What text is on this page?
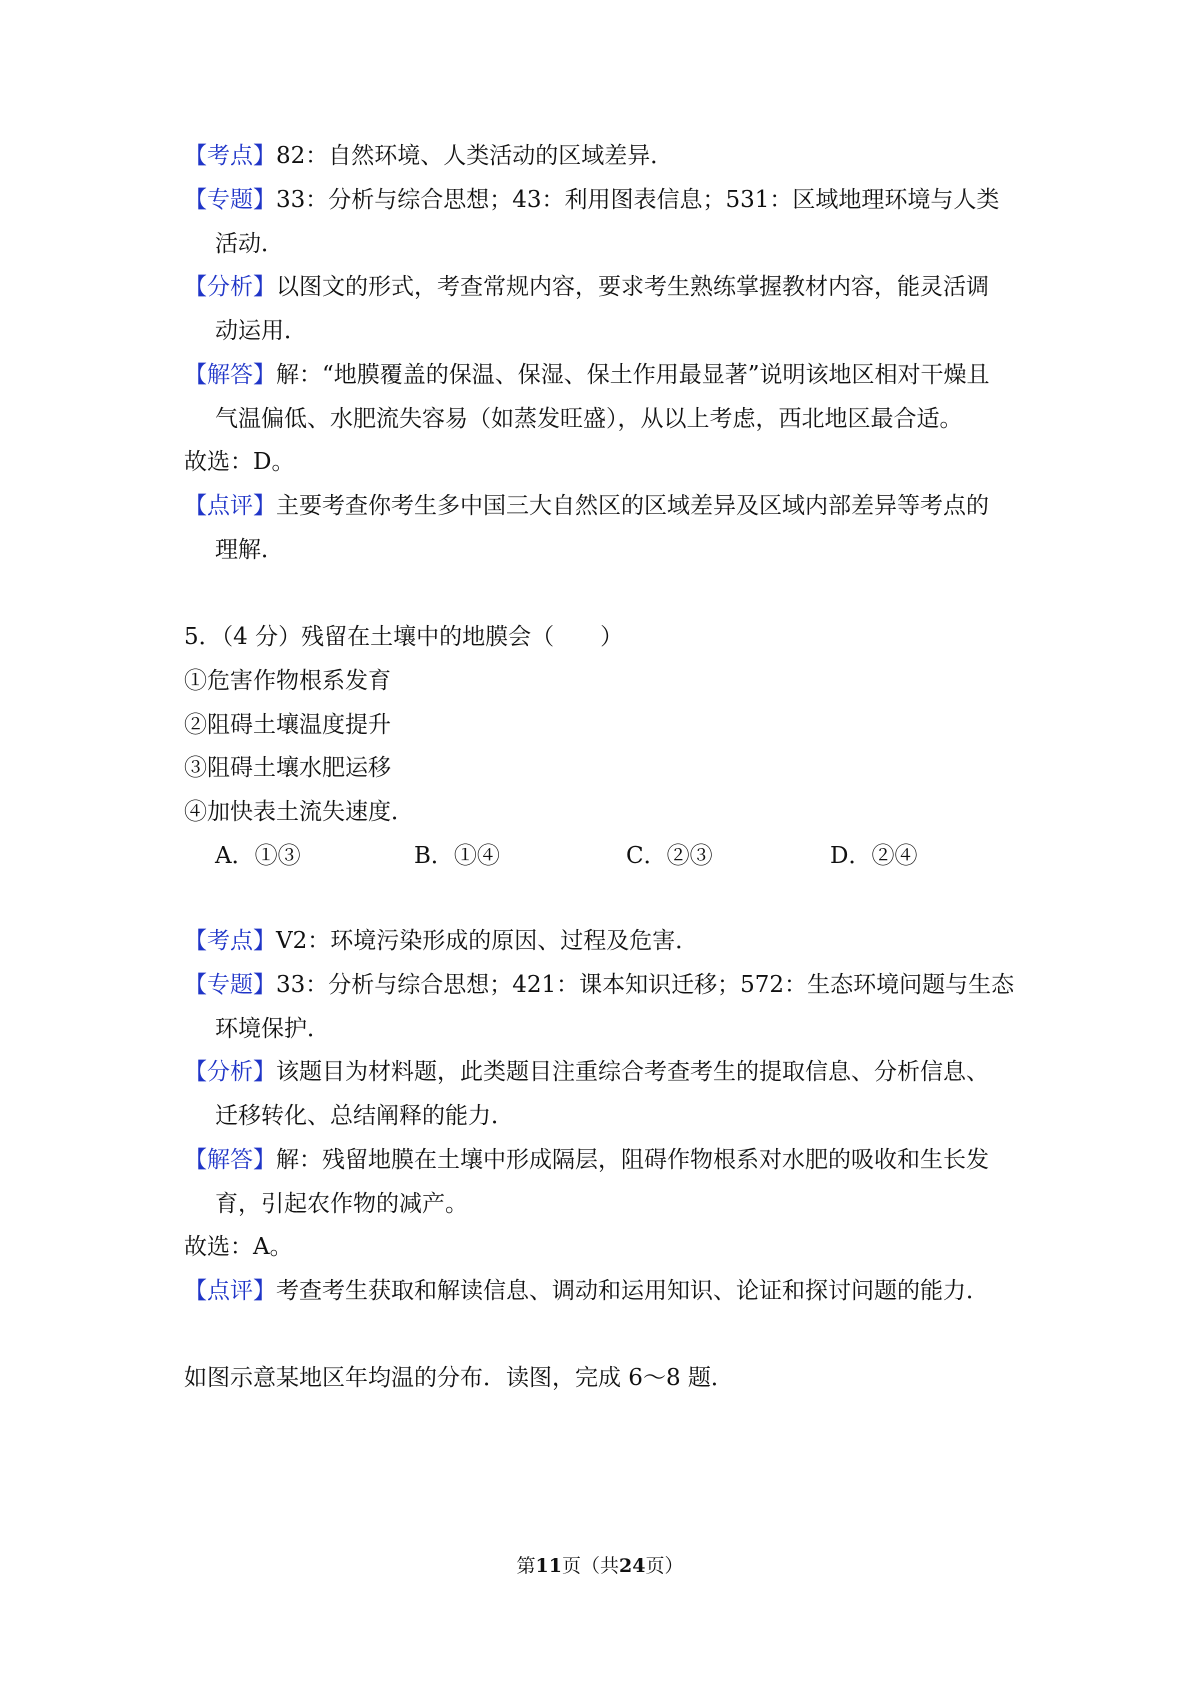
【考点】82：自然环境、人类活动的区域差异．
【专题】33：分析与综合思想；43：利用图表信息；531：区域地理环境与人类
活动．
【分析】以图文的形式，考查常规内容，要求考生熟练掌握教材内容，能灵活调
动运用．
【解答】解：“地膜覆盖的保温、保湿、保土作用最显著”说明该地区相对干燥且
气温偏低、水肥流失容易（如蒸发旺盛），从以上考虑，西北地区最合适。
故选：D。
【点评】主要考查你考生多中国三大自然区的区域差异及区域内部差异等考点的
理解．
5．（4 分）残留在土壤中的地膜会（　　）
①危害作物根系发育
②阻碍土壤温度提升
③阻碍土壤水肥运移
④加快表土流失速度．
A．①③	B．①④	C．②③	D．②④
【考点】V2：环境污染形成的原因、过程及危害．
【专题】33：分析与综合思想；421：课本知识迁移；572：生态环境问题与生态
环境保护．
【分析】该题目为材料题，此类题目注重综合考查考生的提取信息、分析信息、
迁移转化、总结阐释的能力．
【解答】解：残留地膜在土壤中形成隔层，阻碍作物根系对水肥的吸收和生长发
育，引起农作物的减产。
故选：A。
【点评】考查考生获取和解读信息、调动和运用知识、论证和探讨问题的能力．
如图示意某地区年均温的分布．读图，完成 6～8 题．
第11页（共24页）
